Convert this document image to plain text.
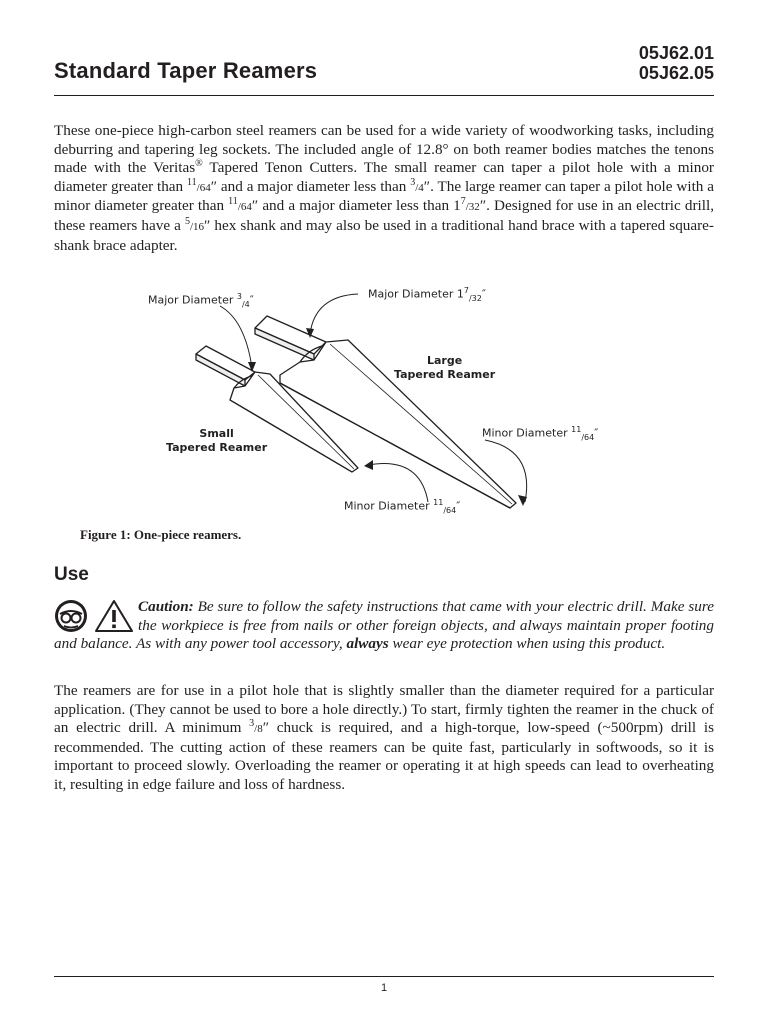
Standard Taper Reamers
05J62.01
05J62.05

These one-piece high-carbon steel reamers can be used for a wide variety of woodworking tasks, including deburring and tapering leg sockets. The included angle of 12.8° on both reamer bodies matches the tenons made with the Veritas® Tapered Tenon Cutters. The small reamer can taper a pilot hole with a minor diameter greater than $^{11}$/64″ and a major diameter less than $^3$/4″. The large reamer can taper a pilot hole with a minor diameter greater than $^{11}$/64″ and a major diameter less than $1^7/32''$. Designed for use in an electric drill, these reamers have a $^5$/16″ hex shank and may also be used in a traditional hand brace with a tapered square-shank brace adapter.

Major Diameter $^3_{/4}$″	Major Diameter $1^7_{/32}''$
Large
Tapered Reamer
Small
Tapered Reamer
Minor Diameter $^{11}_{/64}$″
Minor Diameter $^{11}_{/64}$″
Figure 1: One-piece reamers.
Use
Caution: Be sure to follow the safety instructions that came with your electric drill. Make sure the workpiece is free from nails or other foreign objects, and always maintain proper footing and balance. As with any power tool accessory, always wear eye protection when using this product.

The reamers are for use in a pilot hole that is slightly smaller than the diameter required for a particular application. (They cannot be used to bore a hole directly.) To start, firmly tighten the reamer in the chuck of an electric drill. A minimum $^3$/8″ chuck is required, and a high-torque, low-speed (~500rpm) drill is recommended. The cutting action of these reamers can be quite fast, particularly in softwoods, so it is important to proceed slowly. Overloading the reamer or operating it at high speeds can lead to overheating it, resulting in edge failure and loss of hardness.

1
